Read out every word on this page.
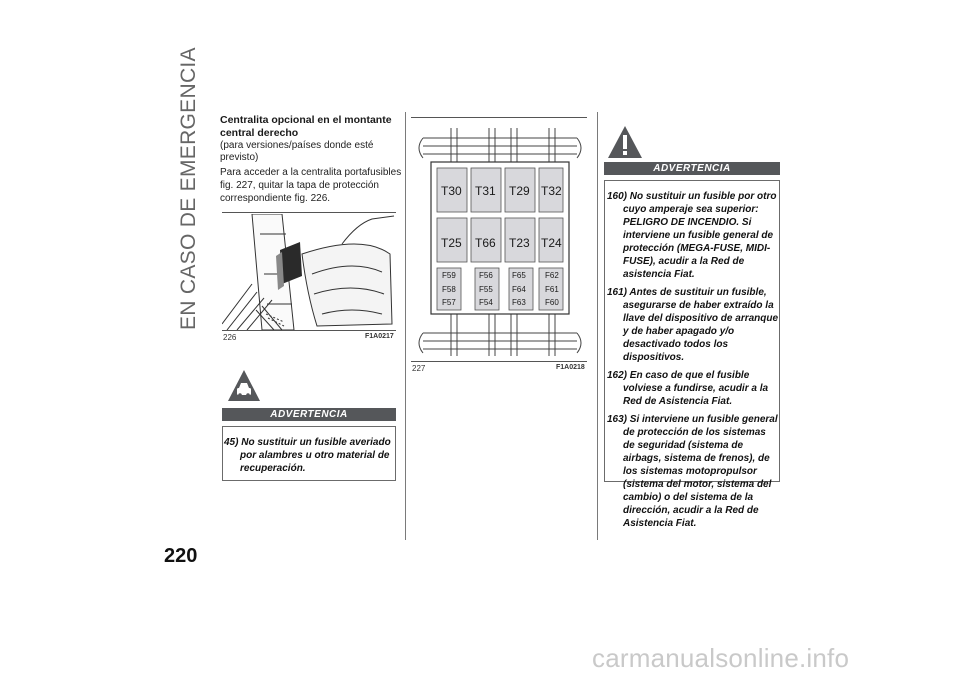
EN CASO DE EMERGENCIA
220
Centralita opcional en el montante central derecho
(para versiones/países donde esté previsto)
Para acceder a la centralita portafusibles fig. 227, quitar la tapa de protección correspondiente fig. 226.
226	F1A0217
ADVERTENCIA
45) No sustituir un fusible averiado por alambres u otro material de recuperación.
T30 T31 T29 T32
T25 T66 T23 T24
F59
F58
F57
F56
F55
F54
F65
F64
F63
F62
F61
F60
227	F1A0218
ADVERTENCIA
160) No sustituir un fusible por otro cuyo amperaje sea superior: PELIGRO DE INCENDIO. Si interviene un fusible general de protección (MEGA-FUSE, MIDI-FUSE), acudir a la Red de asistencia Fiat.
161) Antes de sustituir un fusible, asegurarse de haber extraído la llave del dispositivo de arranque y de haber apagado y/o desactivado todos los dispositivos.
162) En caso de que el fusible volviese a fundirse, acudir a la Red de Asistencia Fiat.
163) Si interviene un fusible general de protección de los sistemas de seguridad (sistema de airbags, sistema de frenos), de los sistemas motopropulsor (sistema del motor, sistema del cambio) o del sistema de la dirección, acudir a la Red de Asistencia Fiat.
carmanualsonline.info
